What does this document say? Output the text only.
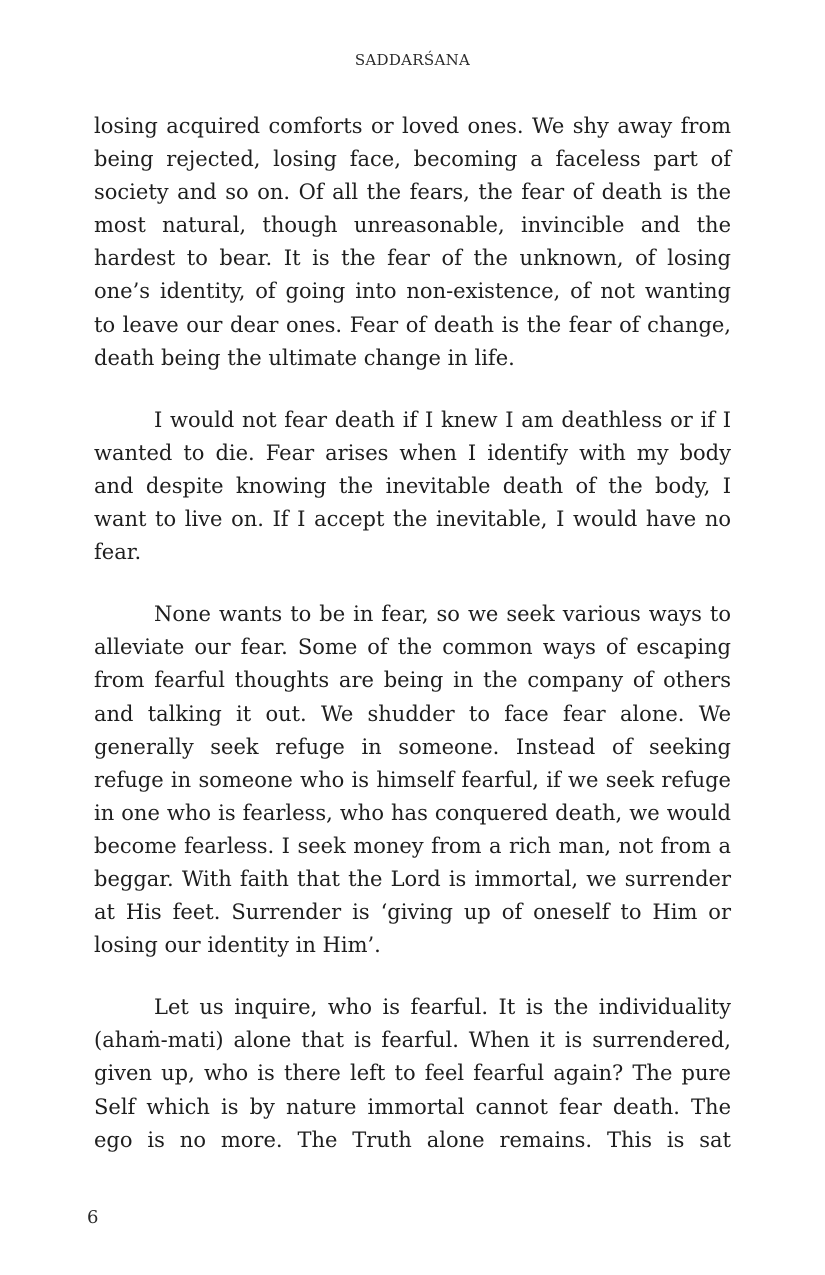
SADDARŚANA

losing acquired comforts or loved ones. We shy away from being rejected, losing face, becoming a faceless part of society and so on. Of all the fears, the fear of death is the most natural, though unreasonable, invincible and the hardest to bear. It is the fear of the unknown, of losing one’s identity, of going into non-existence, of not wanting to leave our dear ones. Fear of death is the fear of change, death being the ultimate change in life.

I would not fear death if I knew I am deathless or if I wanted to die. Fear arises when I identify with my body and despite knowing the inevitable death of the body, I want to live on. If I accept the inevitable, I would have no fear.

None wants to be in fear, so we seek various ways to alleviate our fear. Some of the common ways of escaping from fearful thoughts are being in the company of others and talking it out. We shudder to face fear alone. We generally seek refuge in someone. Instead of seeking refuge in someone who is himself fearful, if we seek refuge in one who is fearless, who has conquered death, we would become fearless. I seek money from a rich man, not from a beggar. With faith that the Lord is immortal, we surrender at His feet. Surrender is ‘giving up of oneself to Him or losing our identity in Him’.

Let us inquire, who is fearful. It is the individuality (ahaṁ-mati) alone that is fearful. When it is surrendered, given up, who is there left to feel fearful again? The pure Self which is by nature immortal cannot fear death. The ego is no more. The Truth alone remains. This is sat

6
